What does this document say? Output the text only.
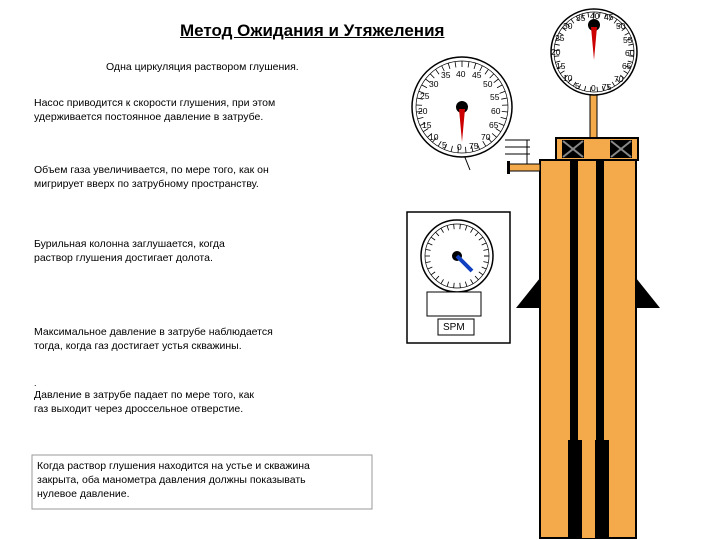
Метод Ожидания и Утяжеления
Одна циркуляция раствором глушения.
Насос приводится к скорости глушения, при этом
удерживается постоянное давление в затрубе.
Объем газа увеличивается, по мере того, как он
мигрирует вверх по затрубному пространству.
Бурильная колонна заглушается, когда
раствор глушения достигает долота.
Максимальное давление в затрубе наблюдается
тогда, когда газ достигает устья скважины.
.
Давление в затрубе падает по мере того, как
газ выходит через дроссельное отверстие.
Когда раствор глушения находится на устье и скважина
закрыта, оба манометра давления должны показывать
нулевое давление.
SPM
35 40 45
30	50
25	55
20	60
15	65
10	70
5 0 75
35 40 45
30	50
25	55
20	60
15	65
10	70
5 0 75
